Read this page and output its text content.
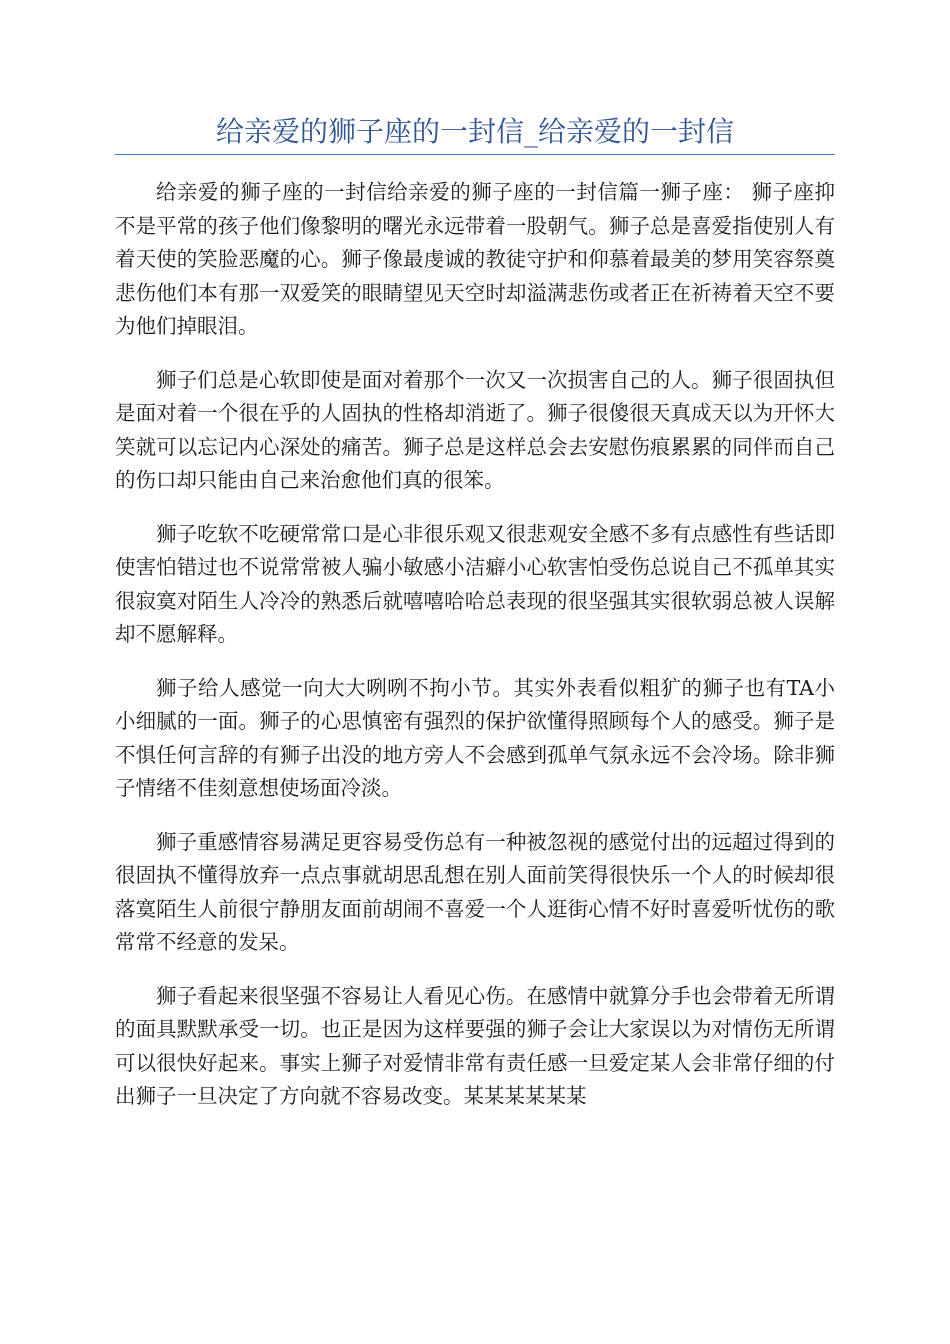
给亲爱的狮子座的一封信_给亲爱的一封信

给亲爱的狮子座的一封信给亲爱的狮子座的一封信篇一狮子座： 狮子座抑不是平常的孩子他们像黎明的曙光永远带着一股朝气。狮子总是喜爱指使别人有着天使的笑脸恶魔的心。狮子像最虔诚的教徒守护和仰慕着最美的梦用笑容祭奠悲伤他们本有那一双爱笑的眼睛望见天空时却溢满悲伤或者正在祈祷着天空不要为他们掉眼泪。

狮子们总是心软即使是面对着那个一次又一次损害自己的人。狮子很固执但是面对着一个很在乎的人固执的性格却消逝了。狮子很傻很天真成天以为开怀大笑就可以忘记内心深处的痛苦。狮子总是这样总会去安慰伤痕累累的同伴而自己的伤口却只能由自己来治愈他们真的很笨。

狮子吃软不吃硬常常口是心非很乐观又很悲观安全感不多有点感性有些话即使害怕错过也不说常常被人骗小敏感小洁癖小心软害怕受伤总说自己不孤单其实很寂寞对陌生人冷冷的熟悉后就嘻嘻哈哈总表现的很坚强其实很软弱总被人误解却不愿解释。

狮子给人感觉一向大大咧咧不拘小节。其实外表看似粗犷的狮子也有TA小小细腻的一面。狮子的心思慎密有强烈的保护欲懂得照顾每个人的感受。狮子是不惧任何言辞的有狮子出没的地方旁人不会感到孤单气氛永远不会冷场。除非狮子情绪不佳刻意想使场面冷淡。

狮子重感情容易满足更容易受伤总有一种被忽视的感觉付出的远超过得到的很固执不懂得放弃一点点事就胡思乱想在别人面前笑得很快乐一个人的时候却很落寞陌生人前很宁静朋友面前胡闹不喜爱一个人逛街心情不好时喜爱听忧伤的歌常常不经意的发呆。

狮子看起来很坚强不容易让人看见心伤。在感情中就算分手也会带着无所谓的面具默默承受一切。也正是因为这样要强的狮子会让大家误以为对情伤无所谓可以很快好起来。事实上狮子对爱情非常有责任感一旦爱定某人会非常仔细的付出狮子一旦决定了方向就不容易改变。某某某某某某
